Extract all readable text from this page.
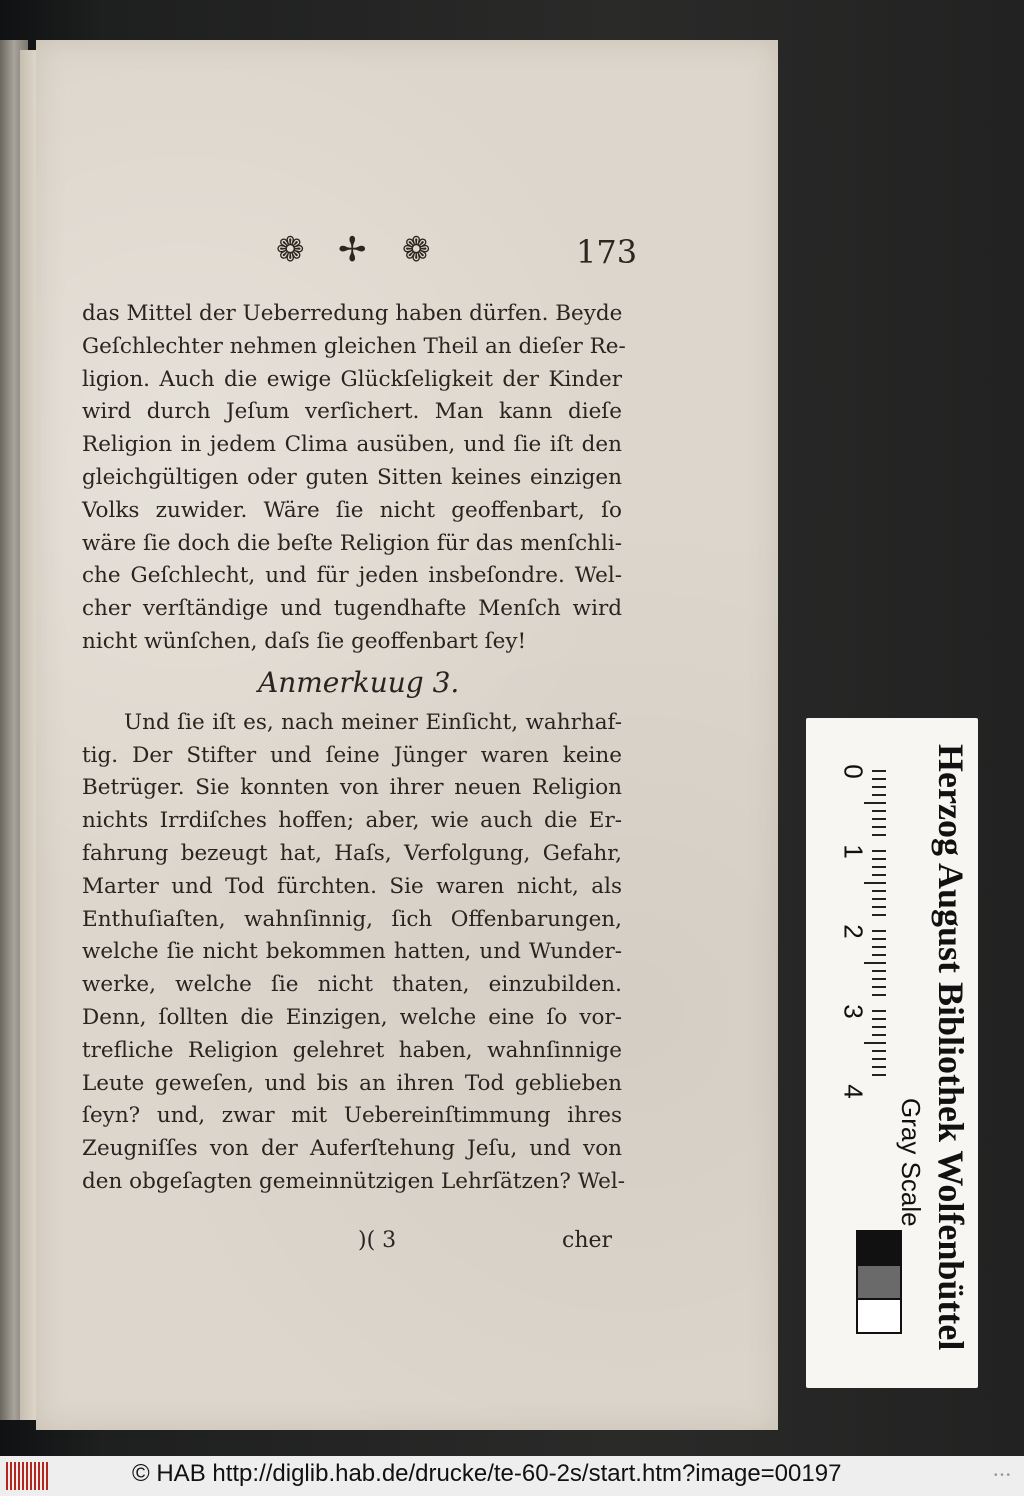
❁ ✢ ❁	173
das Mittel der Ueberredung haben dürfen. Beyde
Geſchlechter nehmen gleichen Theil an dieſer Re-
ligion. Auch die ewige Glückſeligkeit der Kinder
wird durch Jeſum verſichert. Man kann dieſe
Religion in jedem Clima ausüben, und ſie iſt den
gleichgültigen oder guten Sitten keines einzigen
Volks zuwider. Wäre ſie nicht geoffenbart, ſo
wäre ſie doch die beſte Religion für das menſchli-
che Geſchlecht, und für jeden insbeſondre. Wel-
cher verſtändige und tugendhafte Menſch wird
nicht wünſchen, daſs ſie geoffenbart ſey!
Anmerkuug 3.
Und ſie iſt es, nach meiner Einſicht, wahrhaf-
tig. Der Stifter und ſeine Jünger waren keine
Betrüger. Sie konnten von ihrer neuen Religion
nichts Irrdiſches hoffen; aber, wie auch die Er-
fahrung bezeugt hat, Haſs, Verfolgung, Gefahr,
Marter und Tod fürchten. Sie waren nicht, als
Enthuſiaſten, wahnſinnig, ſich Offenbarungen,
welche ſie nicht bekommen hatten, und Wunder-
werke, welche ſie nicht thaten, einzubilden.
Denn, ſollten die Einzigen, welche eine ſo vor-
trefliche Religion gelehret haben, wahnſinnige
Leute geweſen, und bis an ihren Tod geblieben
ſeyn? und, zwar mit Uebereinſtimmung ihres
Zeugniſſes von der Auferſtehung Jeſu, und von
den obgeſagten gemeinnützigen Lehrſätzen? Wel-
)( 3	cher
0
1
2
3
4 Herzog August Bibliothek Wolfenbüttel
Gray Scale
© HAB http://diglib.hab.de/drucke/te-60-2s/start.htm?image=00197	• • •
